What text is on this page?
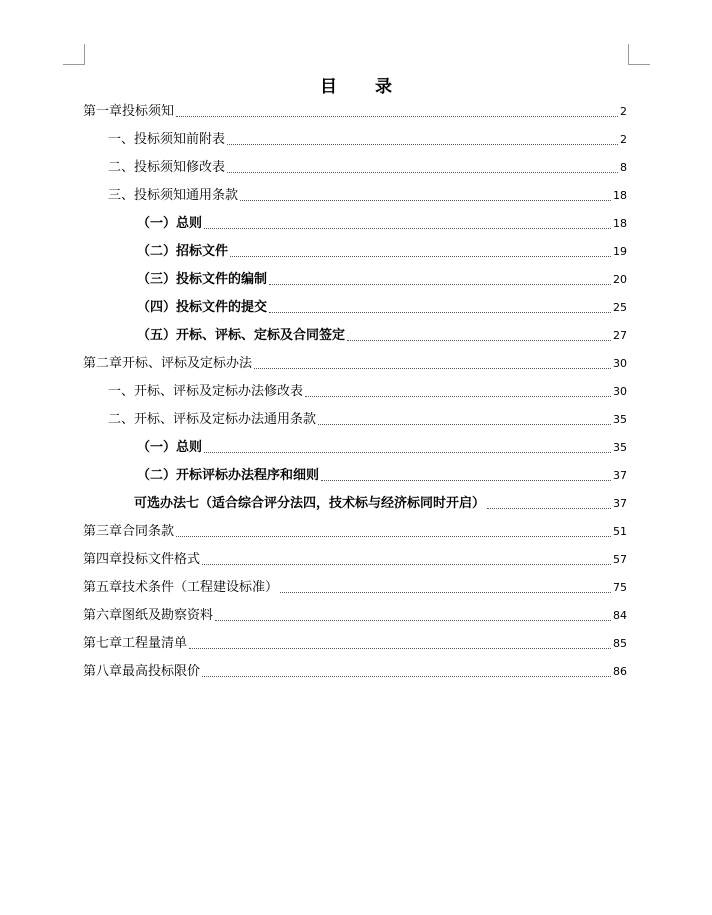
目 录
第一章投标须知	2
一、投标须知前附表	2
二、投标须知修改表	8
三、投标须知通用条款	18
（一）总则	18
（二）招标文件	19
（三）投标文件的编制	20
（四）投标文件的提交	25
（五）开标、评标、定标及合同签定	27
第二章开标、评标及定标办法	30
一、开标、评标及定标办法修改表	30
二、开标、评标及定标办法通用条款	35
（一）总则	35
（二）开标评标办法程序和细则	37
可选办法七（适合综合评分法四，技术标与经济标同时开启）	37
第三章合同条款	51
第四章投标文件格式	57
第五章技术条件（工程建设标准）	75
第六章图纸及勘察资料	84
第七章工程量清单	85
第八章最高投标限价	86
